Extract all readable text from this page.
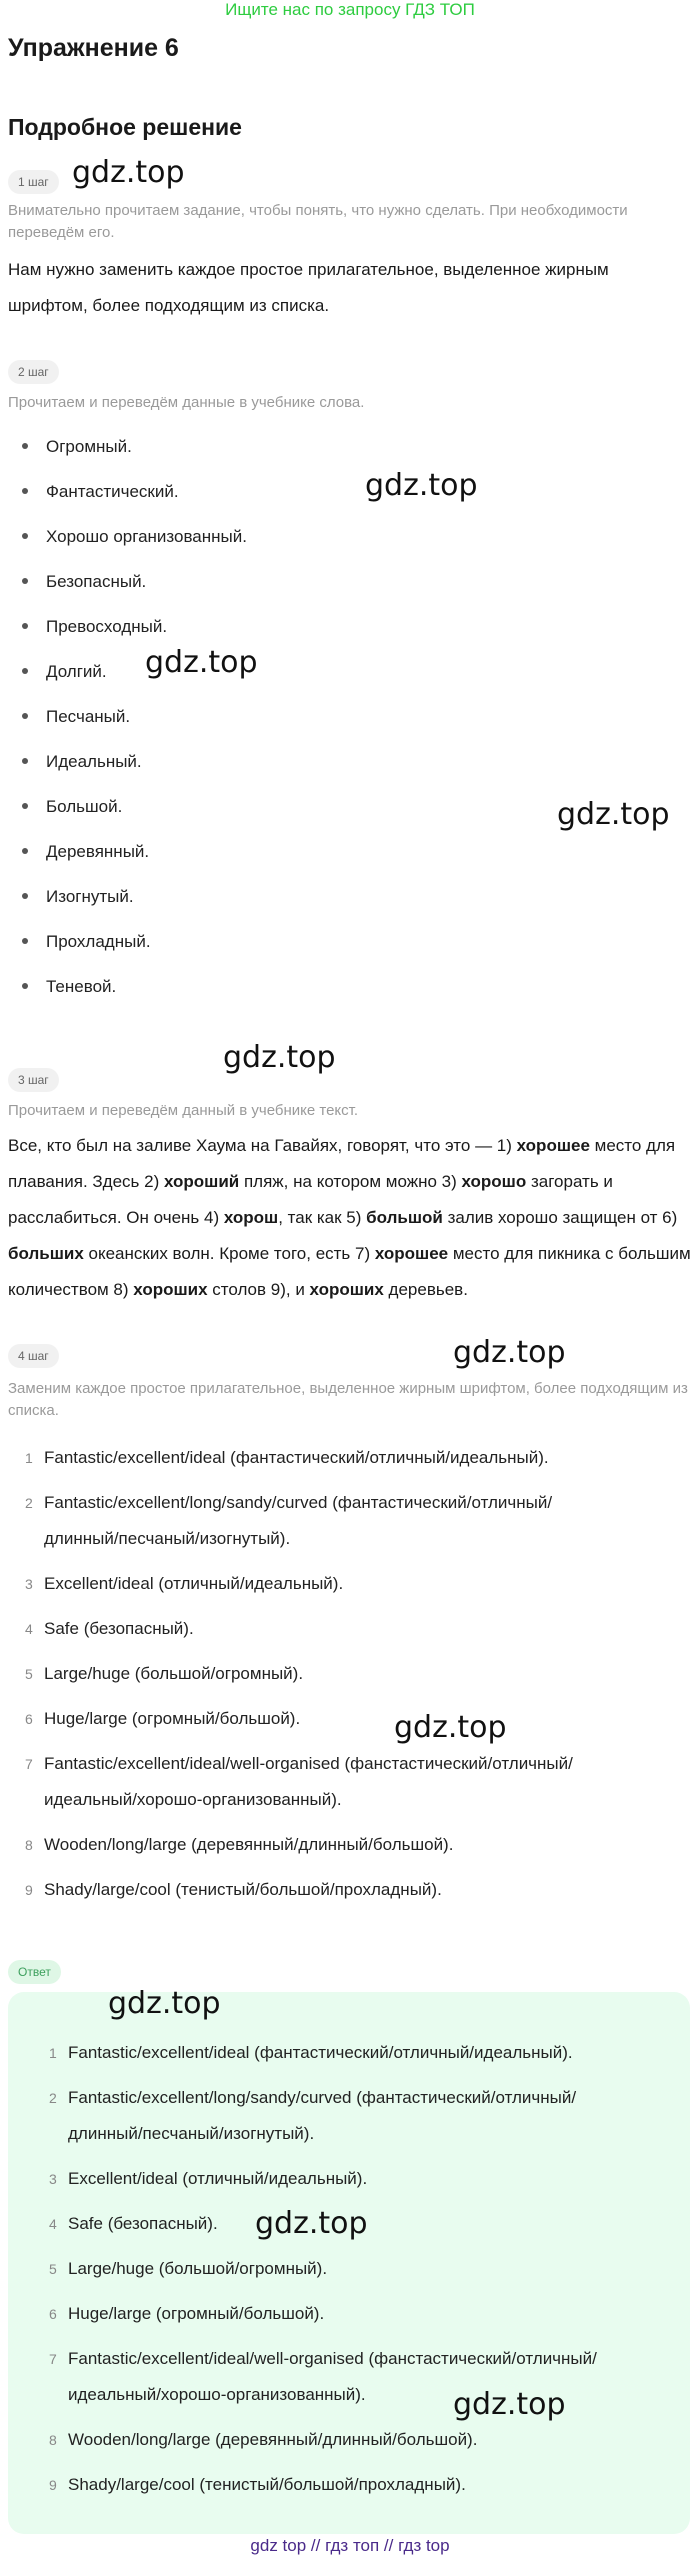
Ищите нас по запросу ГДЗ ТОП
Упражнение 6
Подробное решение
1 шаг gdz.top
Внимательно прочитаем задание, чтобы понять, что нужно сделать. При необходимости переведём его.
Нам нужно заменить каждое простое прилагательное, выделенное жирным шрифтом, более подходящим из списка.
2 шаг
Прочитаем и переведём данные в учебнике слова.
Огромный.
Фантастический.
Хорошо организованный.
Безопасный.
Превосходный.
Долгий.
Песчаный.
Идеальный.
Большой.
Деревянный.
Изогнутый.
Прохладный.
Теневой.
gdz.top
gdz.top
gdz.top
gdz.top
3 шаг
Прочитаем и переведём данный в учебнике текст.
Все, кто был на заливе Хаума на Гавайях, говорят, что это — 1) хорошее место для плавания. Здесь 2) хороший пляж, на котором можно 3) хорошо загорать и расслабиться. Он очень 4) хорош, так как 5) большой залив хорошо защищен от 6) больших океанских волн. Кроме того, есть 7) хорошее место для пикника с большим количеством 8) хороших столов 9), и хороших деревьев.
4 шаг	gdz.top
Заменим каждое простое прилагательное, выделенное жирным шрифтом, более подходящим из списка.
1 Fantastic/excellent/ideal (фантастический/отличный/идеальный).
2 Fantastic/excellent/long/sandy/curved (фантастический/отличный/
длинный/песчаный/изогнутый).
3 Excellent/ideal (отличный/идеальный).
4 Safe (безопасный).
5 Large/huge (большой/огромный).
6 Huge/large (огромный/большой).
7 Fantastic/excellent/ideal/well-organised (фанстастический/отличный/
идеальный/хорошо-организованный).
8 Wooden/long/large (деревянный/длинный/большой).
9 Shady/large/cool (тенистый/большой/прохладный).
gdz.top
Ответ
gdz.top
1 Fantastic/excellent/ideal (фантастический/отличный/идеальный).
2 Fantastic/excellent/long/sandy/curved (фантастический/отличный/
длинный/песчаный/изогнутый).
3 Excellent/ideal (отличный/идеальный).
4 Safe (безопасный).
5 Large/huge (большой/огромный).
6 Huge/large (огромный/большой).
7 Fantastic/excellent/ideal/well-organised (фанстастический/отличный/
идеальный/хорошо-организованный).
8 Wooden/long/large (деревянный/длинный/большой).
9 Shady/large/cool (тенистый/большой/прохладный).
gdz.top
gdz.top
gdz top // гдз топ // гдз top
